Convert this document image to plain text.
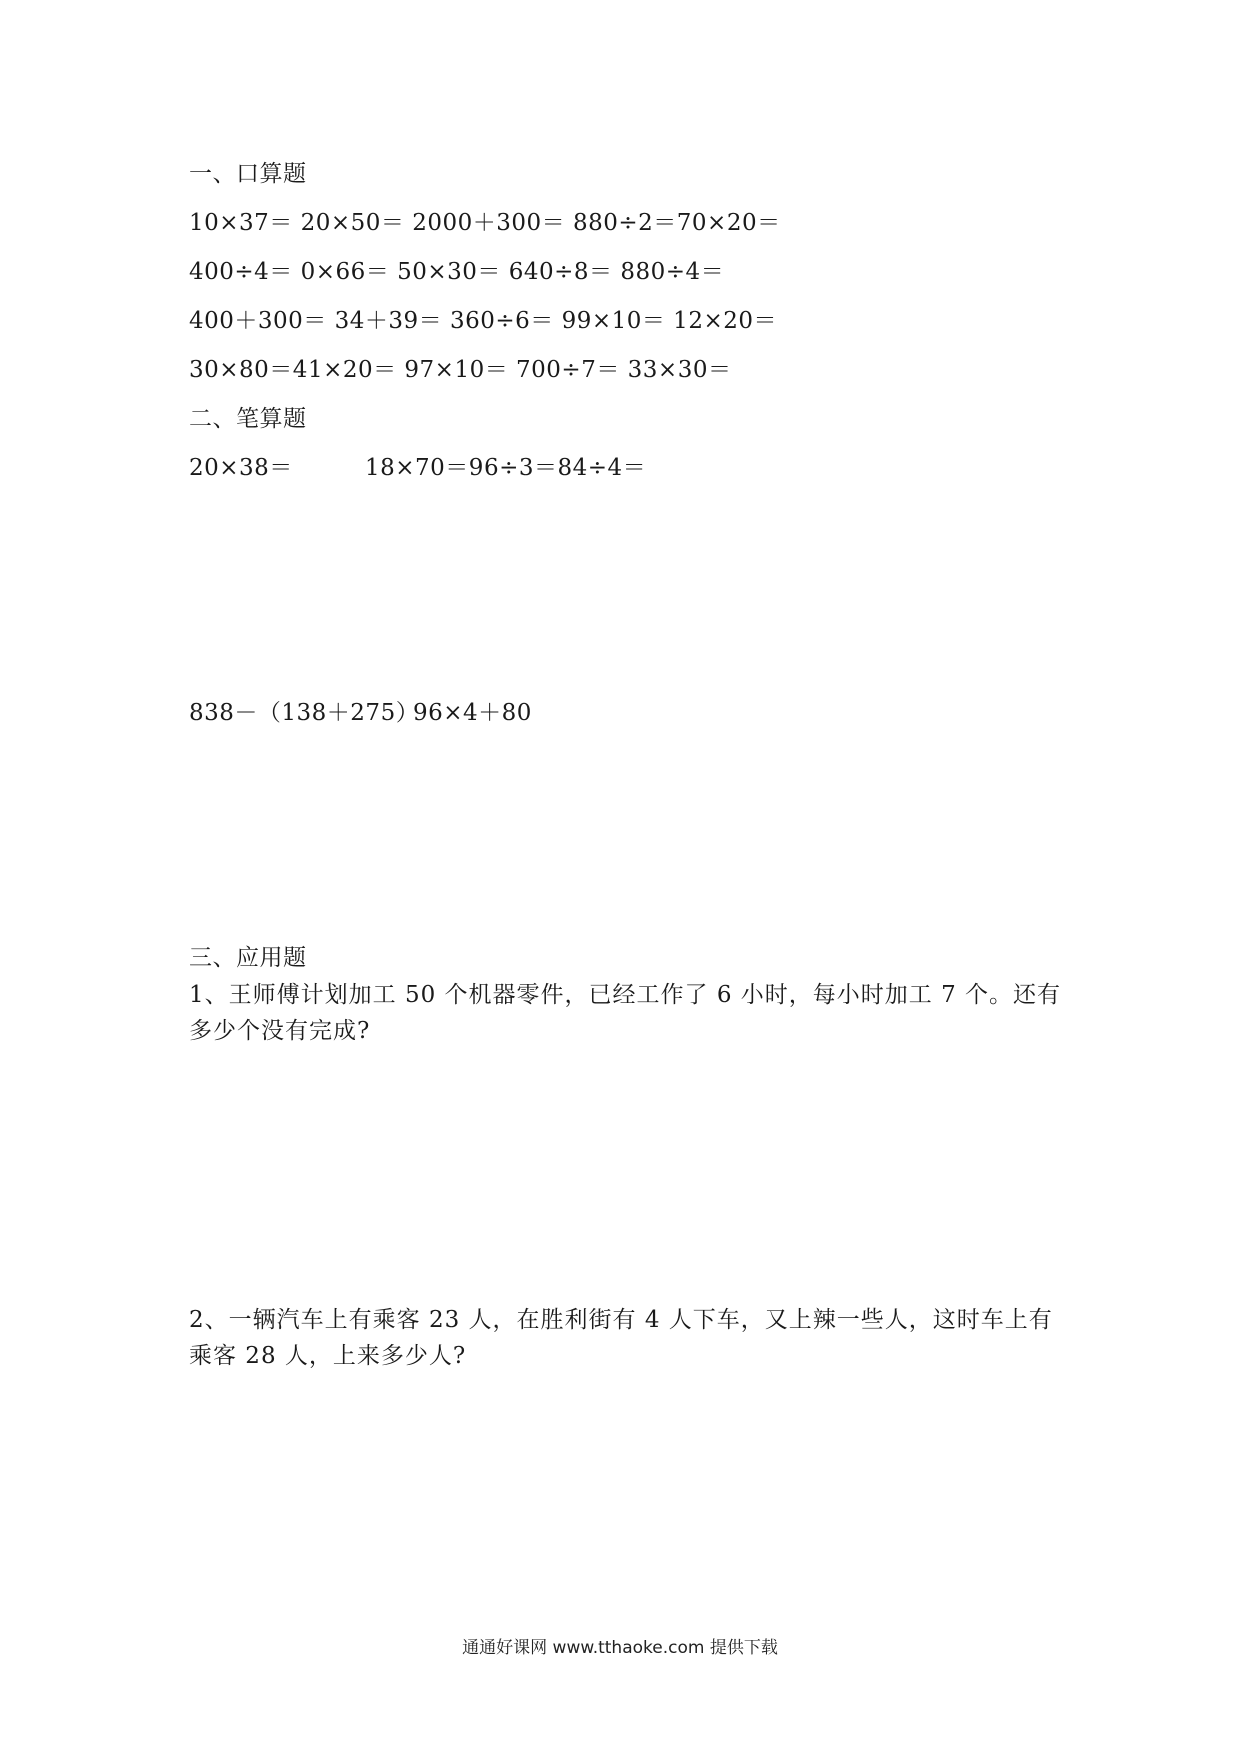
一、口算题
10×37＝ 20×50＝ 2000＋300＝ 880÷2＝70×20＝
400÷4＝ 0×66＝ 50×30＝ 640÷8＝ 880÷4＝
400＋300＝ 34＋39＝ 360÷6＝ 99×10＝ 12×20＝
30×80＝41×20＝ 97×10＝ 700÷7＝ 33×30＝
二、笔算题
20×38＝	18×70＝96÷3＝84÷4＝
838－（138＋275）96×4＋80
三、应用题
1、王师傅计划加工 50 个机器零件，已经工作了 6 小时，每小时加工 7 个。还有多少个没有完成?
2、一辆汽车上有乘客 23 人，在胜利街有 4 人下车，又上辣一些人，这时车上有乘客 28 人，上来多少人?
通通好课网 www.tthaoke.com 提供下载
